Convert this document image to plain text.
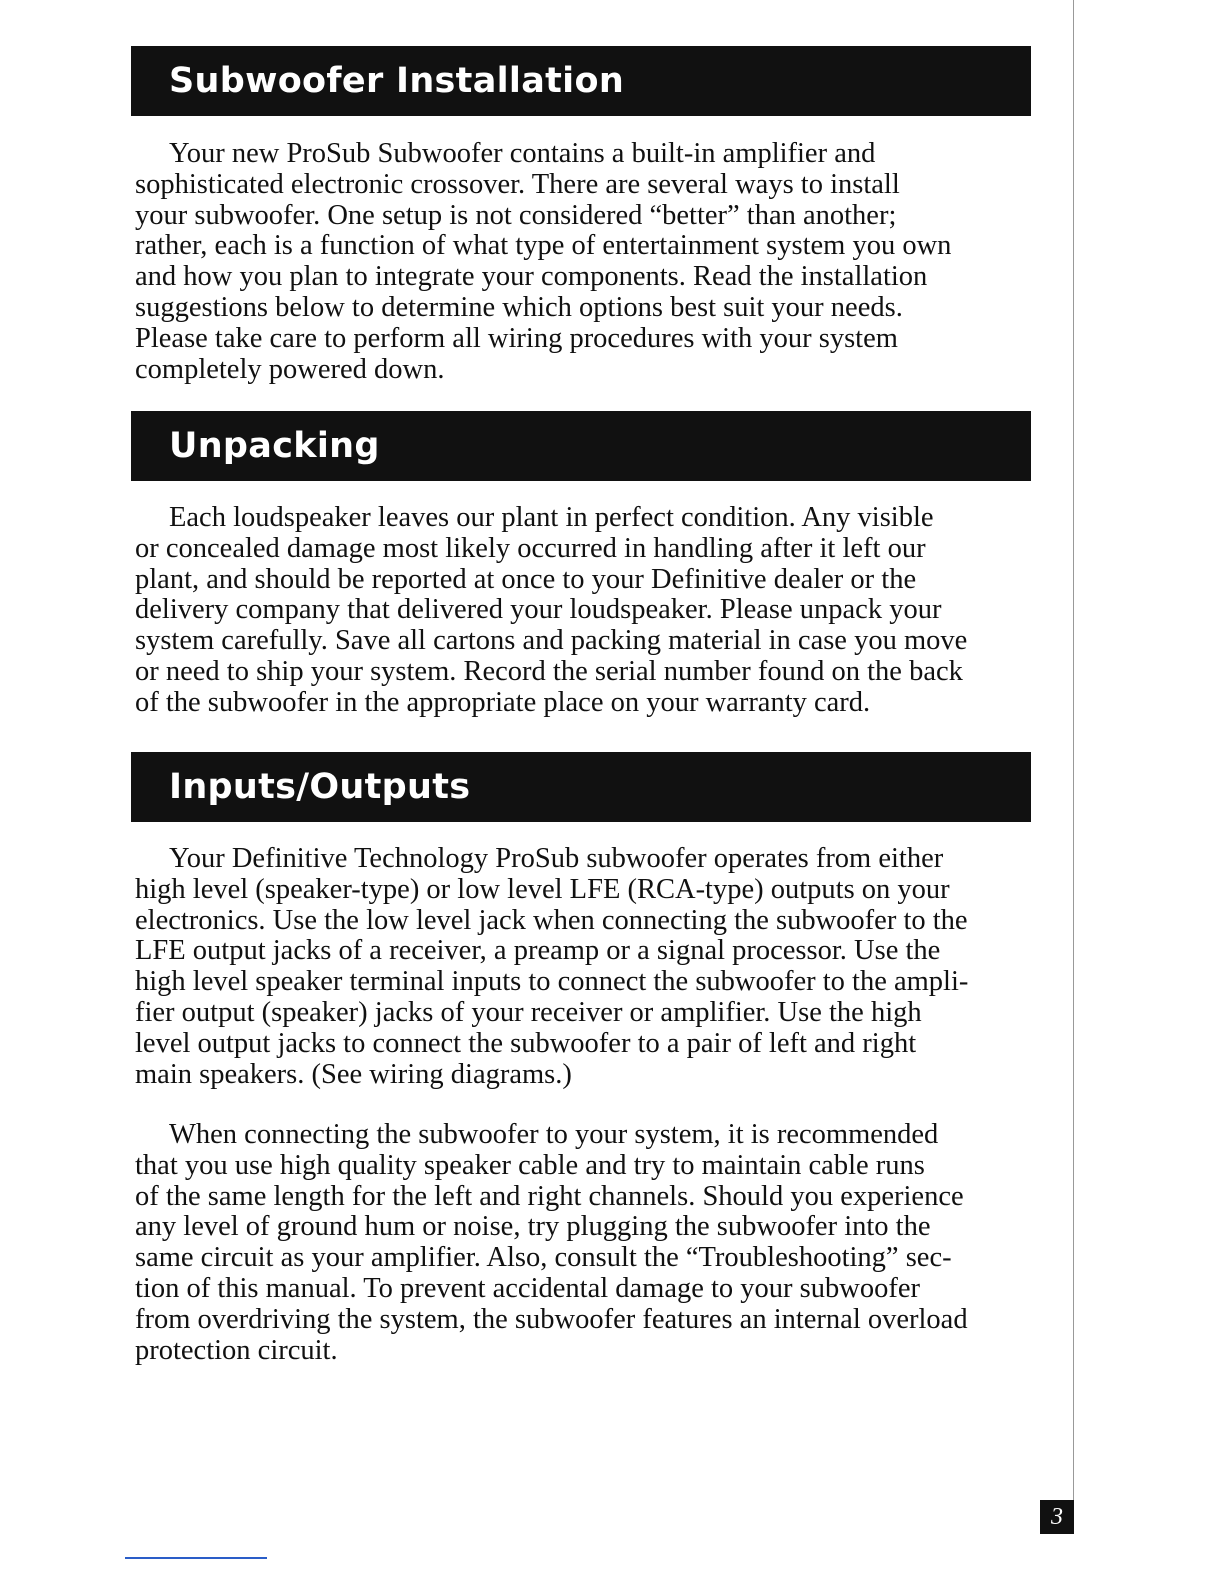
Subwoofer Installation

Your new ProSub Subwoofer contains a built-in amplifier and
sophisticated electronic crossover. There are several ways to install
your subwoofer. One setup is not considered “better” than another;
rather, each is a function of what type of entertainment system you own
and how you plan to integrate your components. Read the installation
suggestions below to determine which options best suit your needs.
Please take care to perform all wiring procedures with your system
completely powered down.

Unpacking

Each loudspeaker leaves our plant in perfect condition. Any visible
or concealed damage most likely occurred in handling after it left our
plant, and should be reported at once to your Definitive dealer or the
delivery company that delivered your loudspeaker. Please unpack your
system carefully. Save all cartons and packing material in case you move
or need to ship your system. Record the serial number found on the back
of the subwoofer in the appropriate place on your warranty card.

Inputs/Outputs

Your Definitive Technology ProSub subwoofer operates from either
high level (speaker-type) or low level LFE (RCA-type) outputs on your
electronics. Use the low level jack when connecting the subwoofer to the
LFE output jacks of a receiver, a preamp or a signal processor. Use the
high level speaker terminal inputs to connect the subwoofer to the ampli-
fier output (speaker) jacks of your receiver or amplifier. Use the high
level output jacks to connect the subwoofer to a pair of left and right
main speakers. (See wiring diagrams.)

When connecting the subwoofer to your system, it is recommended
that you use high quality speaker cable and try to maintain cable runs
of the same length for the left and right channels. Should you experience
any level of ground hum or noise, try plugging the subwoofer into the
same circuit as your amplifier. Also, consult the “Troubleshooting” sec-
tion of this manual. To prevent accidental damage to your subwoofer
from overdriving the system, the subwoofer features an internal overload
protection circuit.

3
